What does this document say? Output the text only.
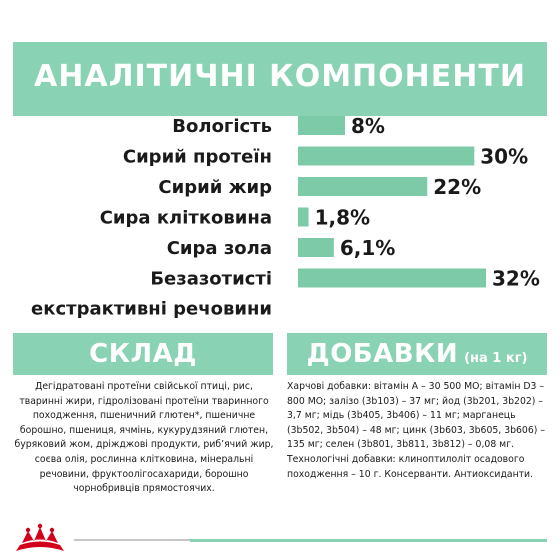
АНАЛІТИЧНІ КОМПОНЕНТИ
8%
Вологість
30%
Сирий протеїн
22%
Сирий жир
1,8%
Сира клітковина
6,1%
Сира зола
32%
Безазотисті
екстрактивні речовини
СКЛАД	ДОБАВКИ (на 1 кг)
Дегідратовані протеїни свійської птиці, рис, тваринні жири, гідролізовані протеїни тваринного походження, пшеничний глютен*, пшеничне борошно, пшениця, ячмінь, кукурудзяний глютен, буряковий жом, дріжджові продукти, риб’ячий жир, соєва олія, рослинна клітковина, мінеральні речовини, фруктоолігосахариди, борошно чорнобривців прямостоячих.
Харчові добавки: вітамін А – 30 500 МО; вітамін D3 – 800 МО; залізо (3b103) – 37 мг; йод (3b201, 3b202) – 3,7 мг; мідь (3b405, 3b406) – 11 мг; марганець (3b502, 3b504) – 48 мг; цинк (3b603, 3b605, 3b606) – 135 мг; селен (3b801, 3b811, 3b812) – 0,08 мг. Технологічні добавки: клиноптилоліт осадового походження – 10 г. Консерванти. Антиоксиданти.
